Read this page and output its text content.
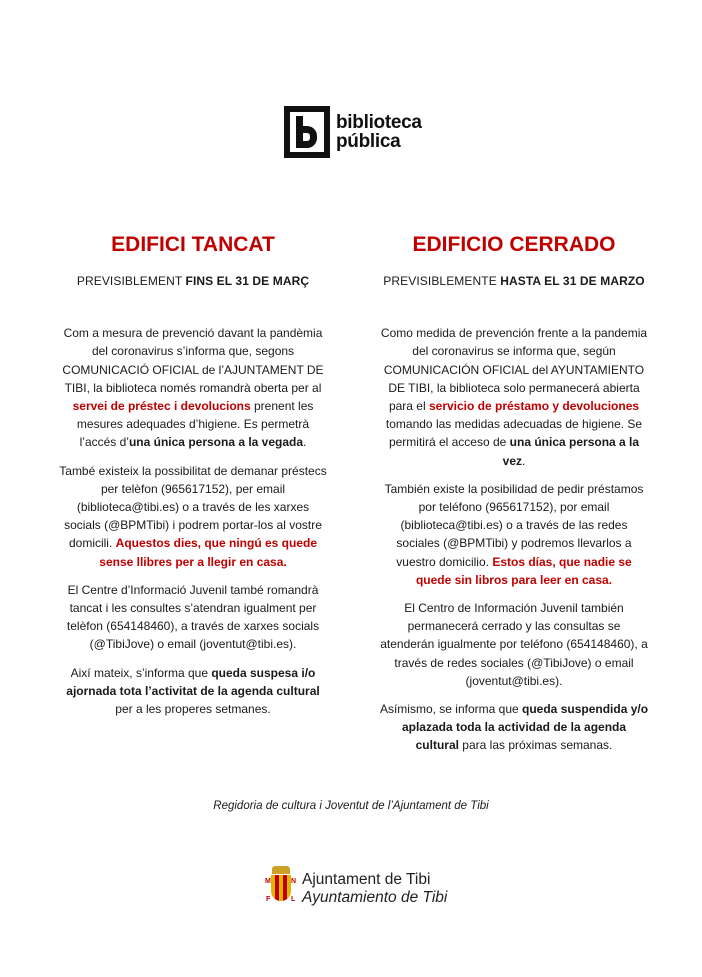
biblioteca
pública
EDIFICI TANCAT
PREVISIBLEMENT FINS EL 31 DE MARÇ

Com a mesura de prevenció davant la pandèmia del coronavirus s’informa que, segons COMUNICACIÓ OFICIAL de l’AJUNTAMENT DE TIBI, la biblioteca només romandrà oberta per al servei de préstec i devolucions prenent les mesures adequades d’higiene. Es permetrà l’accés d’una única persona a la vegada.

També existeix la possibilitat de demanar préstecs per telèfon (965617152), per email (biblioteca@tibi.es) o a través de les xarxes socials (@BPMTibi) i podrem portar-los al vostre domicili. Aquestos dies, que ningú es quede sense llibres per a llegir en casa.

El Centre d’Informació Juvenil també romandrà tancat i les consultes s’atendran igualment per telèfon (654148460), a través de xarxes socials (@TibiJove) o email (joventut@tibi.es).

Així mateix, s’informa que queda suspesa i/o ajornada tota l’activitat de la agenda cultural per a les properes setmanes.

EDIFICIO CERRADO
PREVISIBLEMENTE HASTA EL 31 DE MARZO

Como medida de prevención frente a la pandemia del coronavirus se informa que, según COMUNICACIÓN OFICIAL del AYUNTAMIENTO DE TIBI, la biblioteca solo permanecerá abierta para el servicio de préstamo y devoluciones tomando las medidas adecuadas de higiene. Se permitirá el acceso de una única persona a la vez.

También existe la posibilidad de pedir préstamos por teléfono (965617152), por email (biblioteca@tibi.es) o a través de las redes sociales (@BPMTibi) y podremos llevarlos a vuestro domicilio. Estos días, que nadie se quede sin libros para leer en casa.

El Centro de Información Juvenil también permanecerá cerrado y las consultas se atenderán igualmente por teléfono (654148460), a través de redes sociales (@TibiJove) o email (joventut@tibi.es).

Asímismo, se informa que queda suspendida y/o aplazada toda la actividad de la agenda cultural para las próximas semanas.

Regidoria de cultura i Joventut de l’Ajuntament de Tibi
M	N
F	L
Ajuntament de Tibi
Ayuntamiento de Tibi
